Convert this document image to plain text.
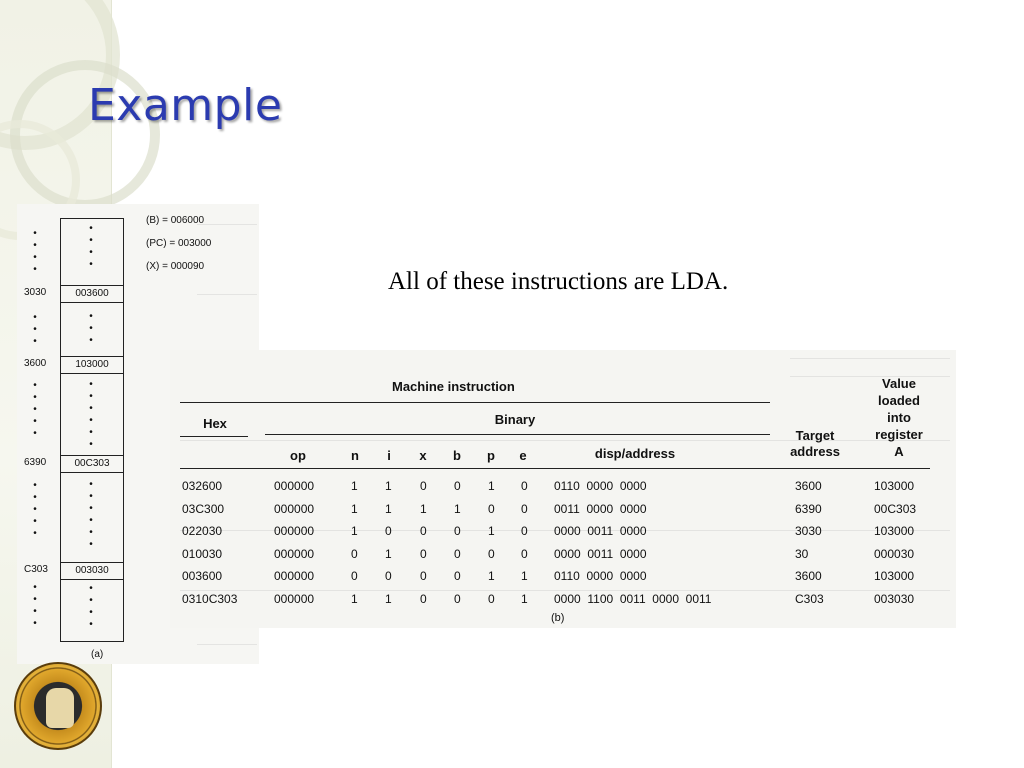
Example
All of these instructions are LDA.
003600
103000
00C303
003030
•
•
•
•
•
•
•
•
•
•
•
•
•
•
•
•
•
•
•
•
•
•
•
•
•
•
•
•
•
•
•
•
•
•
•
•
•
•
•
•
•
•
•
•
3030
3600
6390
C303
(B) = 006000
(PC) = 003000
(X) = 000090
(a)
Machine instruction
Hex	Binary
op	n i x b p e	disp/address
Target
address
Value
loaded
into
register
A
032600	000000	1 1 0 0 1 0 0110  0000  0000	3600	103000
03C300	000000	1 1 1 1 0 0 0011  0000  0000	6390	00C303
022030	000000	1 0 0 0 1 0 0000  0011  0000	3030	103000
010030	000000	0 1 0 0 0 0 0000  0011  0000	30	000030
003600	000000	0 0 0 0 1 1 0110  0000  0000	3600	103000
0310C303	000000	1 1 0 0 0 1 0000  1100  0011  0000  0011	C303	003030
(b)
